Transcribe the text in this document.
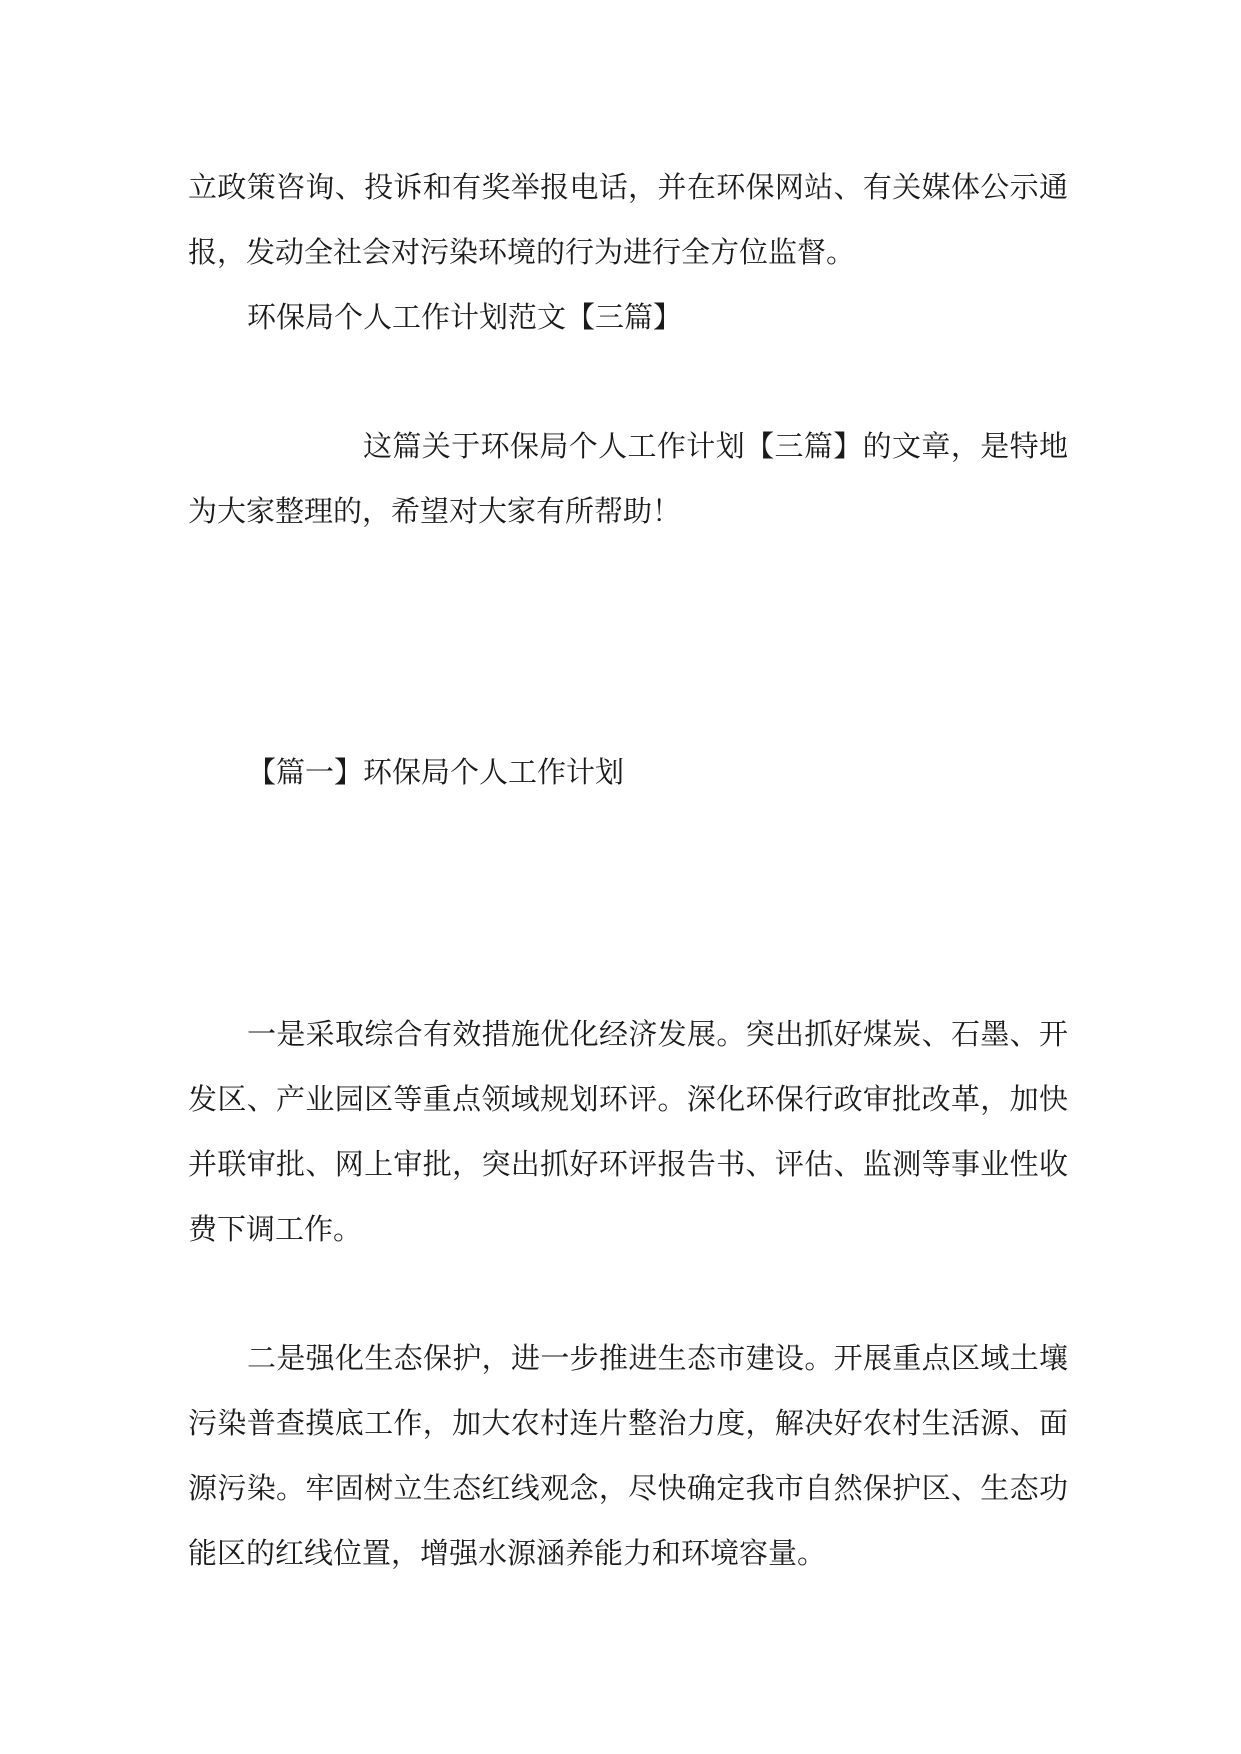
立政策咨询、投诉和有奖举报电话，并在环保网站、有关媒体公示通
报，发动全社会对污染环境的行为进行全方位监督。
环保局个人工作计划范文【三篇】
这篇关于环保局个人工作计划【三篇】的文章，是特地
为大家整理的，希望对大家有所帮助！
【篇一】环保局个人工作计划
一是采取综合有效措施优化经济发展。突出抓好煤炭、石墨、开
发区、产业园区等重点领域规划环评。深化环保行政审批改革，加快
并联审批、网上审批，突出抓好环评报告书、评估、监测等事业性收
费下调工作。
二是强化生态保护，进一步推进生态市建设。开展重点区域土壤
污染普查摸底工作，加大农村连片整治力度，解决好农村生活源、面
源污染。牢固树立生态红线观念，尽快确定我市自然保护区、生态功
能区的红线位置，增强水源涵养能力和环境容量。
